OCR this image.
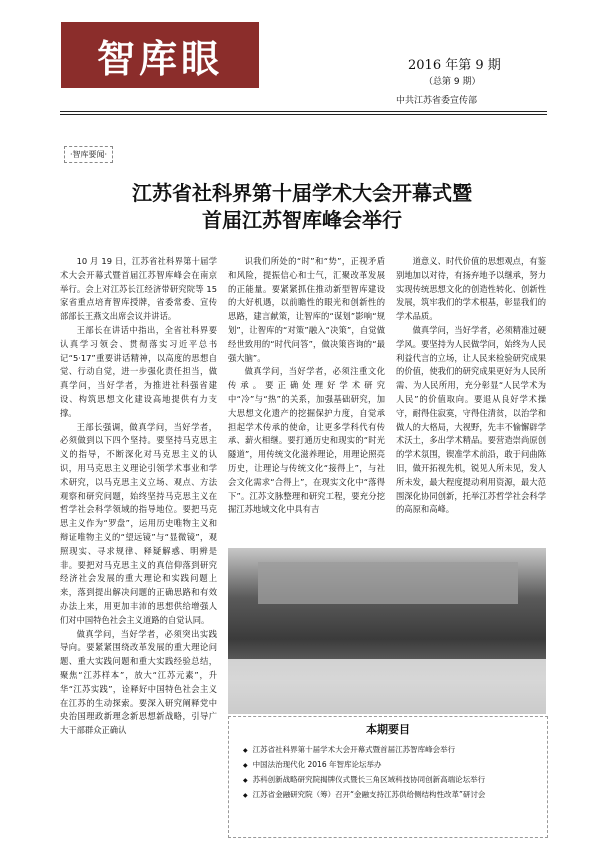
智库眼	2016 年第 9 期
（总第 9 期）
中共江苏省委宣传部
·智库要闻·
江苏省社科界第十届学术大会开幕式暨
首届江苏智库峰会举行

10 月 19 日，江苏省社科界第十届学术大会开幕式暨首届江苏智库峰会在南京举行。会上对江苏长江经济带研究院等 15 家省重点培育智库授牌，省委常委、宣传部部长王燕文出席会议并讲话。

王部长在讲话中指出，全省社科界要认真学习领会、贯彻落实习近平总书记“5·17”重要讲话精神，以高度的思想自觉、行动自觉，进一步强化责任担当，做真学问，当好学者，为推进社科强省建设、构筑思想文化建设高地提供有力支撑。

王部长强调，做真学问，当好学者，必须做到以下四个坚持。要坚持马克思主义的指导，不断深化对马克思主义的认识，用马克思主义理论引领学术事业和学术研究，以马克思主义立场、观点、方法观察和研究问题，始终坚持马克思主义在哲学社会科学领域的指导地位。要把马克思主义作为“罗盘”，运用历史唯物主义和辩证唯物主义的“望远镜”与“显微镜”，观照现实、寻求规律、释疑解惑、明辨是非。要把对马克思主义的真信仰落到研究经济社会发展的重大理论和实践问题上来，落到提出解决问题的正确思路和有效办法上来，用更加丰沛的思想供给增强人们对中国特色社会主义道路的自觉认同。

做真学问，当好学者，必须突出实践导向。要紧紧围绕改革发展的重大理论问题、重大实践问题和重大实践经验总结，聚焦“江苏样本”，放大“江苏元素”，升华“江苏实践”，诠释好中国特色社会主义在江苏的生动探索。要深入研究阐释党中央治国理政新理念新思想新战略，引导广大干部群众正确认

识我们所处的“时”和“势”，正视矛盾和风险，提振信心和士气，汇聚改革发展的正能量。要紧紧抓住推动新型智库建设的大好机遇，以前瞻性的眼光和创新性的思路，建言献策，让智库的“谋划”影响“规划”，让智库的“对策”融入“决策”，自觉做经世致用的“时代问答”，做决策咨询的“最强大脑”。

做真学问，当好学者，必须注重文化传承。要正确处理好学术研究中“冷”与“热”的关系，加强基础研究，加大思想文化遗产的挖掘保护力度，自觉承担起学术传承的使命，让更多学科代有传承、薪火相继。要打通历史和现实的“时光隧道”，用传统文化滋养理论，用理论照亮历史，让理论与传统文化“接得上”，与社会文化需求“合得上”，在现实文化中“落得下”。江苏文脉整理和研究工程，要充分挖掘江苏地域文化中具有吉

道意义、时代价值的思想观点，有鉴别地加以对待，有扬弃地予以继承，努力实现传统思想文化的创造性转化、创新性发展，筑牢我们的学术根基，彰显我们的学术品质。

做真学问，当好学者，必须精准过硬学风。要坚持为人民做学问，始终为人民利益代言的立场，让人民来检验研究成果的价值，使我们的研究成果更好为人民所需、为人民所用，充分彰显“人民学术为人民”的价值取向。要退从良好学术操守，耐得住寂寞，守得住清贫，以治学和做人的大格局，大视野，先丰不愉懈辟学术沃土，多出学术精品。要营造崇尚原创的学术氛围，锲准学术前沿，敢于问曲陈旧，做开拓视先机，锐见人所未见，发人所未发，最大程度提动利用资源，最大范围深化协同创新，托举江苏哲学社会科学的高原和高峰。

本期要目
◆ 江苏省社科界第十届学术大会开幕式暨首届江苏智库峰会举行
◆ 中国法治现代化 2016 年智库论坛举办
◆ 苏科创新战略研究院揭牌仪式暨长三角区域科技协同创新高端论坛举行
◆ 江苏省金融研究院（筹）召开“金融支持江苏供给侧结构性改革”研讨会
